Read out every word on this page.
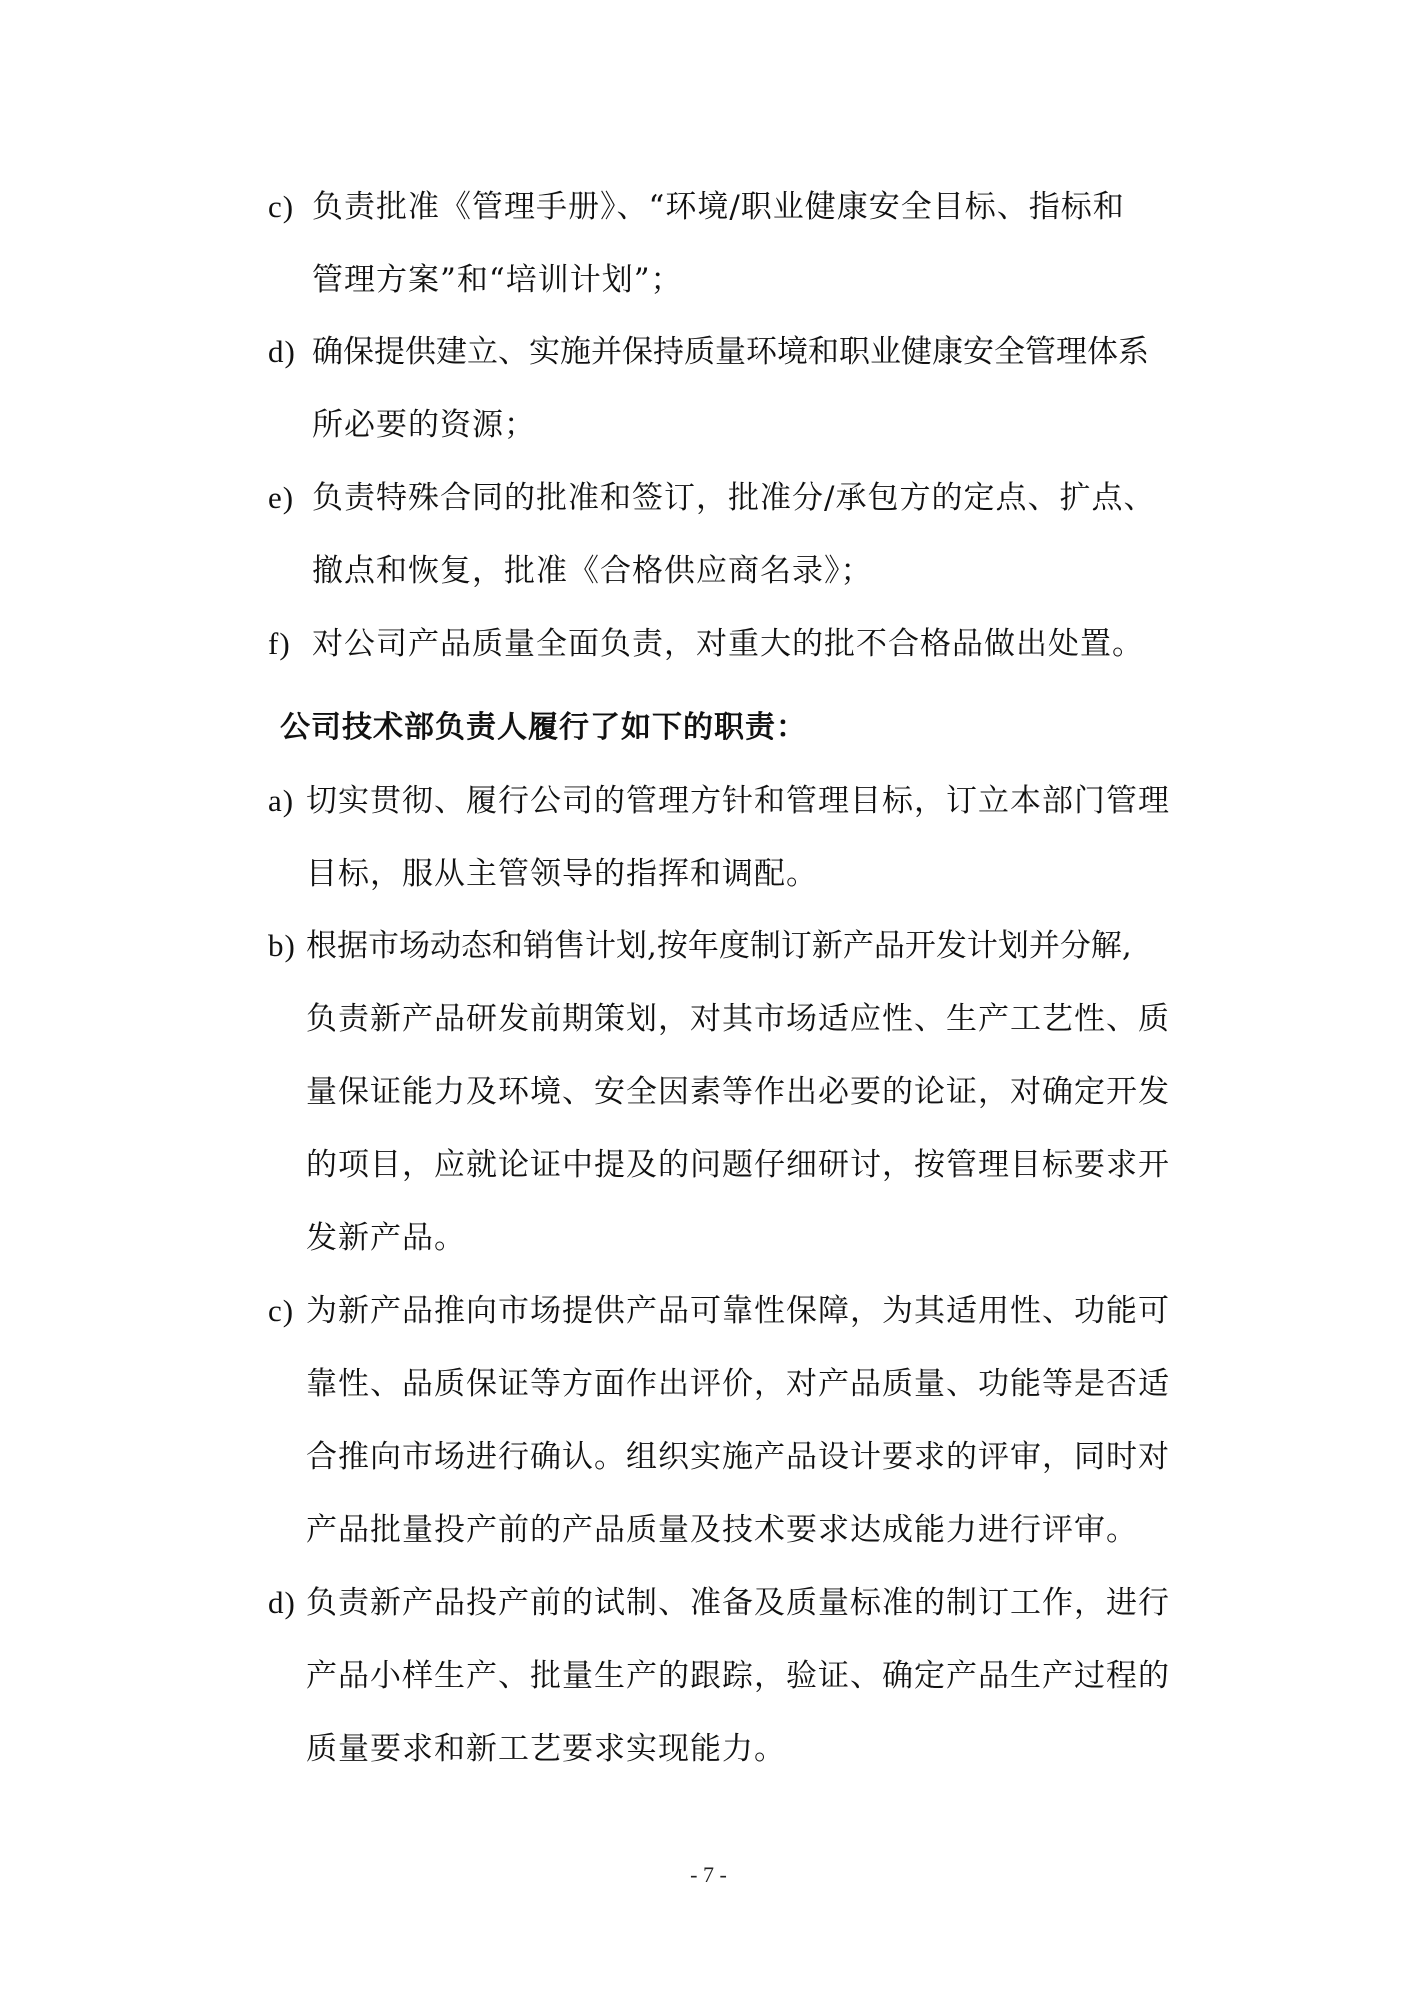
c) 负责批准《管理手册》、“环境/职业健康安全目标、指标和
管理方案”和“培训计划”；
d) 确保提供建立、实施并保持质量环境和职业健康安全管理体系
所必要的资源；
e) 负责特殊合同的批准和签订，批准分/承包方的定点、扩点、
撤点和恢复，批准《合格供应商名录》；
f) 对公司产品质量全面负责，对重大的批不合格品做出处置。
公司技术部负责人履行了如下的职责：
a) 切实贯彻、履行公司的管理方针和管理目标，订立本部门管理
目标，服从主管领导的指挥和调配。
b) 根据市场动态和销售计划,按年度制订新产品开发计划并分解,
负责新产品研发前期策划，对其市场适应性、生产工艺性、质
量保证能力及环境、安全因素等作出必要的论证，对确定开发
的项目，应就论证中提及的问题仔细研讨，按管理目标要求开
发新产品。
c) 为新产品推向市场提供产品可靠性保障，为其适用性、功能可
靠性、品质保证等方面作出评价，对产品质量、功能等是否适
合推向市场进行确认。组织实施产品设计要求的评审，同时对
产品批量投产前的产品质量及技术要求达成能力进行评审。
d) 负责新产品投产前的试制、准备及质量标准的制订工作，进行
产品小样生产、批量生产的跟踪，验证、确定产品生产过程的
质量要求和新工艺要求实现能力。
- 7 -
